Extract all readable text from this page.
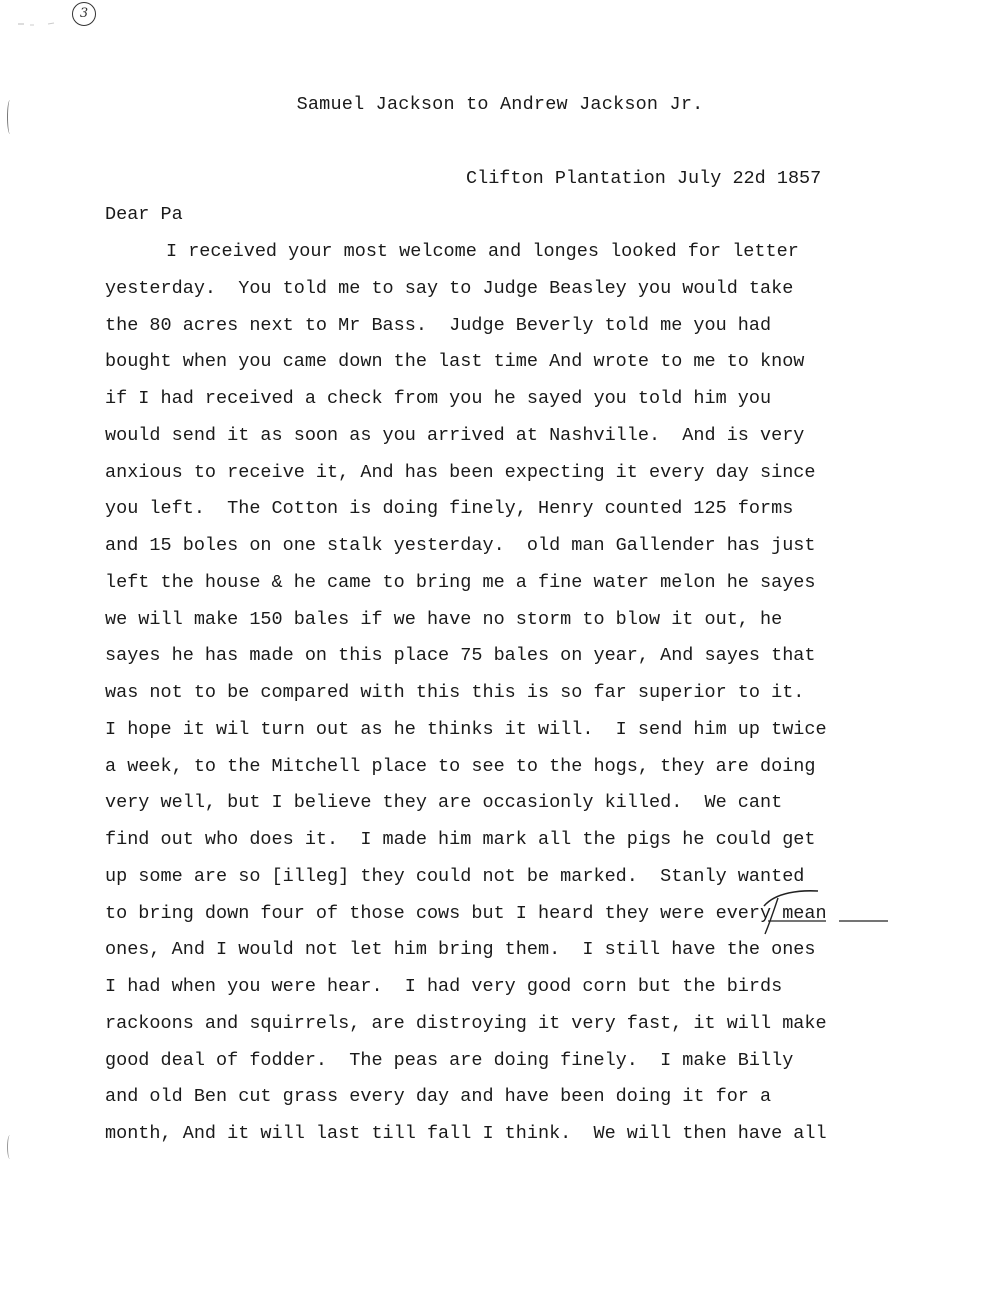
3
Samuel Jackson to Andrew Jackson Jr.
Clifton Plantation July 22d 1857
Dear Pa
I received your most welcome and longes looked for letter
yesterday.  You told me to say to Judge Beasley you would take
the 80 acres next to Mr Bass.  Judge Beverly told me you had
bought when you came down the last time And wrote to me to know
if I had received a check from you he sayed you told him you
would send it as soon as you arrived at Nashville.  And is very
anxious to receive it, And has been expecting it every day since
you left.  The Cotton is doing finely, Henry counted 125 forms
and 15 boles on one stalk yesterday.  old man Gallender has just
left the house & he came to bring me a fine water melon he sayes
we will make 150 bales if we have no storm to blow it out, he
sayes he has made on this place 75 bales on year, And sayes that
was not to be compared with this this is so far superior to it.
I hope it wil turn out as he thinks it will.  I send him up twice
a week, to the Mitchell place to see to the hogs, they are doing
very well, but I believe they are occasionly killed.  We cant
find out who does it.  I made him mark all the pigs he could get
up some are so [illeg] they could not be marked.  Stanly wanted
to bring down four of those cows but I heard they were every mean
ones, And I would not let him bring them.  I still have the ones
I had when you were hear.  I had very good corn but the birds
rackoons and squirrels, are distroying it very fast, it will make
good deal of fodder.  The peas are doing finely.  I make Billy
and old Ben cut grass every day and have been doing it for a
month, And it will last till fall I think.  We will then have all
